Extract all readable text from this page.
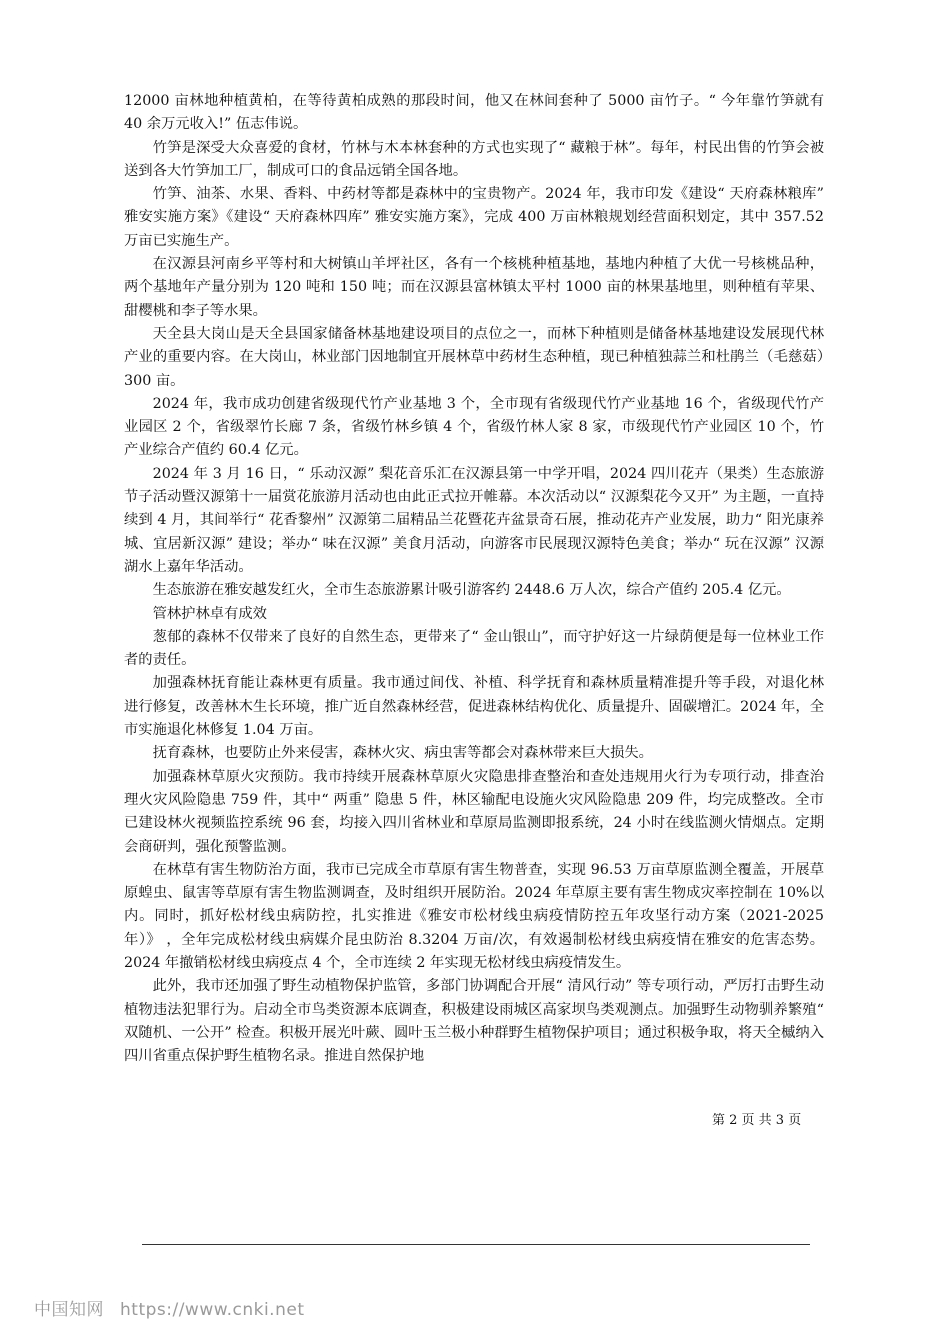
12000 亩林地种植黄柏，在等待黄柏成熟的那段时间，他又在林间套种了 5000 亩竹子。“ 今年靠竹笋就有 40 余万元收入!” 伍志伟说。

竹笋是深受大众喜爱的食材，竹林与木本林套种的方式也实现了“ 藏粮于林”。每年，村民出售的竹笋会被送到各大竹笋加工厂，制成可口的食品远销全国各地。

竹笋、油茶、水果、香料、中药材等都是森林中的宝贵物产。2024 年，我市印发《建设“ 天府森林粮库” 雅安实施方案》《建设“ 天府森林四库” 雅安实施方案》，完成 400 万亩林粮规划经营面积划定，其中 357.52 万亩已实施生产。

在汉源县河南乡平等村和大树镇山羊坪社区，各有一个核桃种植基地，基地内种植了大优一号核桃品种，两个基地年产量分别为 120 吨和 150 吨；而在汉源县富林镇太平村 1000 亩的林果基地里，则种植有苹果、甜樱桃和李子等水果。

天全县大岗山是天全县国家储备林基地建设项目的点位之一，而林下种植则是储备林基地建设发展现代林产业的重要内容。在大岗山，林业部门因地制宜开展林草中药材生态种植，现已种植独蒜兰和杜鹃兰（毛慈菇）300 亩。

2024 年，我市成功创建省级现代竹产业基地 3 个，全市现有省级现代竹产业基地 16 个，省级现代竹产业园区 2 个，省级翠竹长廊 7 条，省级竹林乡镇 4 个，省级竹林人家 8 家，市级现代竹产业园区 10 个，竹产业综合产值约 60.4 亿元。

2024 年 3 月 16 日，“ 乐动汉源” 梨花音乐汇在汉源县第一中学开唱，2024 四川花卉（果类）生态旅游节子活动暨汉源第十一届赏花旅游月活动也由此正式拉开帷幕。本次活动以“ 汉源梨花今又开” 为主题，一直持续到 4 月，其间举行“ 花香黎州” 汉源第二届精品兰花暨花卉盆景奇石展，推动花卉产业发展，助力“ 阳光康养城、宜居新汉源” 建设；举办“ 味在汉源” 美食月活动，向游客市民展现汉源特色美食；举办“ 玩在汉源” 汉源湖水上嘉年华活动。

生态旅游在雅安越发红火，全市生态旅游累计吸引游客约 2448.6 万人次，综合产值约 205.4 亿元。

管林护林卓有成效

葱郁的森林不仅带来了良好的自然生态，更带来了“ 金山银山”，而守护好这一片绿荫便是每一位林业工作者的责任。

加强森林抚育能让森林更有质量。我市通过间伐、补植、科学抚育和森林质量精准提升等手段，对退化林进行修复，改善林木生长环境，推广近自然森林经营，促进森林结构优化、质量提升、固碳增汇。2024 年，全市实施退化林修复 1.04 万亩。

抚育森林，也要防止外来侵害，森林火灾、病虫害等都会对森林带来巨大损失。

加强森林草原火灾预防。我市持续开展森林草原火灾隐患排查整治和查处违规用火行为专项行动，排查治理火灾风险隐患 759 件，其中“ 两重” 隐患 5 件，林区输配电设施火灾风险隐患 209 件，均完成整改。全市已建设林火视频监控系统 96 套，均接入四川省林业和草原局监测即报系统，24 小时在线监测火情烟点。定期会商研判，强化预警监测。

在林草有害生物防治方面，我市已完成全市草原有害生物普查，实现 96.53 万亩草原监测全覆盖，开展草原蝗虫、鼠害等草原有害生物监测调查，及时组织开展防治。2024 年草原主要有害生物成灾率控制在 10%以内。同时，抓好松材线虫病防控，扎实推进《雅安市松材线虫病疫情防控五年攻坚行动方案（2021-2025 年）》 ，全年完成松材线虫病媒介昆虫防治 8.3204 万亩/次，有效遏制松材线虫病疫情在雅安的危害态势。2024 年撤销松材线虫病疫点 4 个，全市连续 2 年实现无松材线虫病疫情发生。

此外，我市还加强了野生动植物保护监管，多部门协调配合开展“ 清风行动” 等专项行动，严厉打击野生动植物违法犯罪行为。启动全市鸟类资源本底调查，积极建设雨城区高家坝鸟类观测点。加强野生动物驯养繁殖“ 双随机、一公开” 检查。积极开展光叶蕨、圆叶玉兰极小种群野生植物保护项目；通过积极争取，将天全槭纳入四川省重点保护野生植物名录。推进自然保护地

第 2 页 共 3 页
中国知网 https://www.cnki.net
